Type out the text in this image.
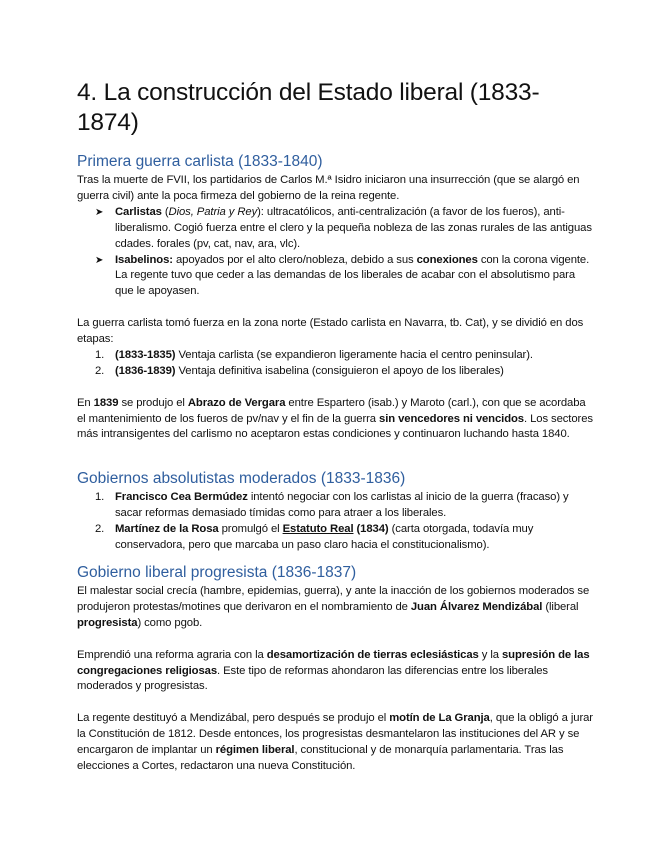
4. La construcción del Estado liberal (1833-1874)
Primera guerra carlista (1833-1840)

Tras la muerte de FVII, los partidarios de Carlos M.ª Isidro iniciaron una insurrección (que se alargó en guerra civil) ante la poca firmeza del gobierno de la reina regente.

➤ Carlistas (Dios, Patria y Rey): ultracatólicos, anti-centralización (a favor de los fueros), anti-liberalismo. Cogió fuerza entre el clero y la pequeña nobleza de las zonas rurales de las antiguas cdades. forales (pv, cat, nav, ara, vlc).
➤ Isabelinos: apoyados por el alto clero/nobleza, debido a sus conexiones con la corona vigente. La regente tuvo que ceder a las demandas de los liberales de acabar con el absolutismo para que le apoyasen.

La guerra carlista tomó fuerza en la zona norte (Estado carlista en Navarra, tb. Cat), y se dividió en dos etapas:

1. (1833-1835) Ventaja carlista (se expandieron ligeramente hacia el centro peninsular).
2. (1836-1839) Ventaja definitiva isabelina (consiguieron el apoyo de los liberales)

En 1839 se produjo el Abrazo de Vergara entre Espartero (isab.) y Maroto (carl.), con que se acordaba el mantenimiento de los fueros de pv/nav y el fin de la guerra sin vencedores ni vencidos. Los sectores más intransigentes del carlismo no aceptaron estas condiciones y continuaron luchando hasta 1840.

Gobiernos absolutistas moderados (1833-1836)
1. Francisco Cea Bermúdez intentó negociar con los carlistas al inicio de la guerra (fracaso) y sacar reformas demasiado tímidas como para atraer a los liberales.
2. Martínez de la Rosa promulgó el Estatuto Real (1834) (carta otorgada, todavía muy conservadora, pero que marcaba un paso claro hacia el constitucionalismo).
Gobierno liberal progresista (1836-1837)

El malestar social crecía (hambre, epidemias, guerra), y ante la inacción de los gobiernos moderados se produjeron protestas/motines que derivaron en el nombramiento de Juan Álvarez Mendizábal (liberal progresista) como pgob.

Emprendió una reforma agraria con la desamortización de tierras eclesiásticas y la supresión de las congregaciones religiosas. Este tipo de reformas ahondaron las diferencias entre los liberales moderados y progresistas.

La regente destituyó a Mendizábal, pero después se produjo el motín de La Granja, que la obligó a jurar la Constitución de 1812. Desde entonces, los progresistas desmantelaron las instituciones del AR y se encargaron de implantar un régimen liberal, constitucional y de monarquía parlamentaria. Tras las elecciones a Cortes, redactaron una nueva Constitución.
